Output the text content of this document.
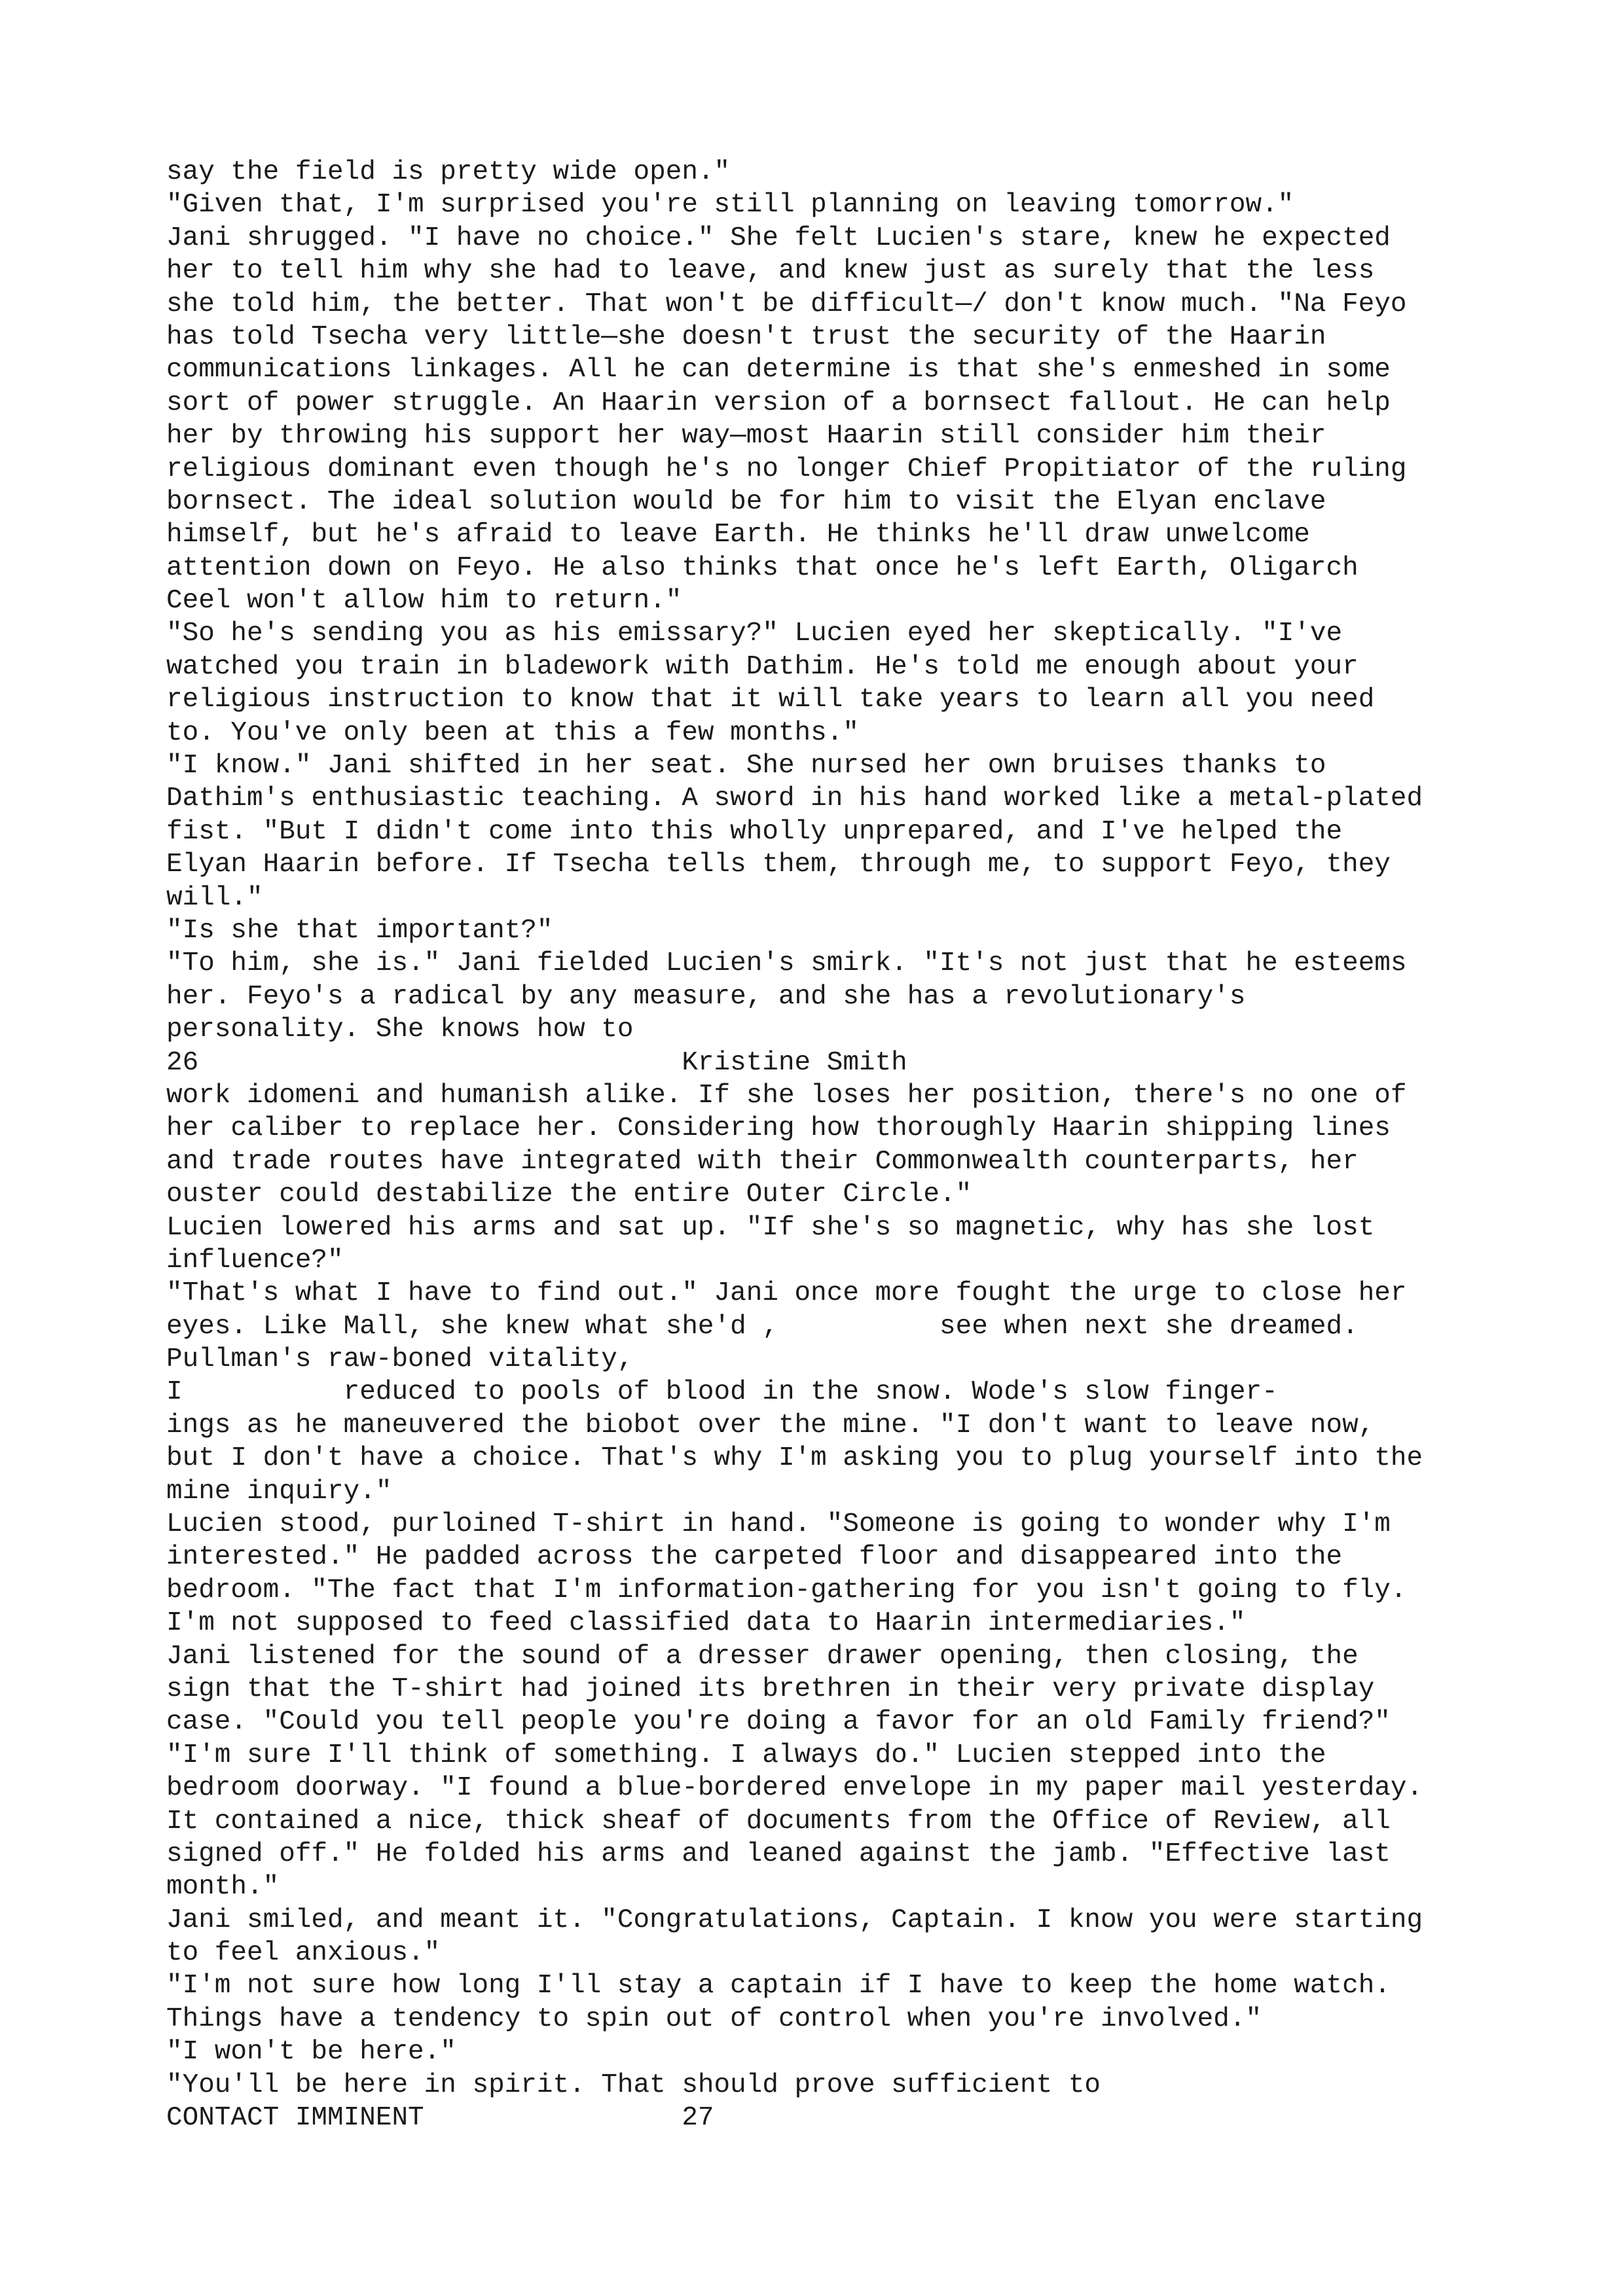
say the field is pretty wide open."
"Given that, I'm surprised you're still planning on leaving tomorrow."
Jani shrugged. "I have no choice." She felt Lucien's stare, knew he expected
her to tell him why she had to leave, and knew just as surely that the less
she told him, the better. That won't be difficult—/ don't know much. "Na Feyo
has told Tsecha very little—she doesn't trust the security of the Haarin
communications linkages. All he can determine is that she's enmeshed in some
sort of power struggle. An Haarin version of a bornsect fallout. He can help
her by throwing his support her way—most Haarin still consider him their
religious dominant even though he's no longer Chief Propitiator of the ruling
bornsect. The ideal solution would be for him to visit the Elyan enclave
himself, but he's afraid to leave Earth. He thinks he'll draw unwelcome
attention down on Feyo. He also thinks that once he's left Earth, Oligarch
Ceel won't allow him to return."
"So he's sending you as his emissary?" Lucien eyed her skeptically. "I've
watched you train in bladework with Dathim. He's told me enough about your
religious instruction to know that it will take years to learn all you need
to. You've only been at this a few months."
"I know." Jani shifted in her seat. She nursed her own bruises thanks to
Dathim's enthusiastic teaching. A sword in his hand worked like a metal-plated
fist. "But I didn't come into this wholly unprepared, and I've helped the
Elyan Haarin before. If Tsecha tells them, through me, to support Feyo, they
will."
"Is she that important?"
"To him, she is." Jani fielded Lucien's smirk. "It's not just that he esteems
her. Feyo's a radical by any measure, and she has a revolutionary's
personality. She knows how to
26                              Kristine Smith
work idomeni and humanish alike. If she loses her position, there's no one of
her caliber to replace her. Considering how thoroughly Haarin shipping lines
and trade routes have integrated with their Commonwealth counterparts, her
ouster could destabilize the entire Outer Circle."
Lucien lowered his arms and sat up. "If she's so magnetic, why has she lost
influence?"
"That's what I have to find out." Jani once more fought the urge to close her
eyes. Like Mall, she knew what she'd ,          see when next she dreamed.
Pullman's raw-boned vitality,
I          reduced to pools of blood in the snow. Wode's slow finger-
ings as he maneuvered the biobot over the mine. "I don't want to leave now,
but I don't have a choice. That's why I'm asking you to plug yourself into the
mine inquiry."
Lucien stood, purloined T-shirt in hand. "Someone is going to wonder why I'm
interested." He padded across the carpeted floor and disappeared into the
bedroom. "The fact that I'm information-gathering for you isn't going to fly.
I'm not supposed to feed classified data to Haarin intermediaries."
Jani listened for the sound of a dresser drawer opening, then closing, the
sign that the T-shirt had joined its brethren in their very private display
case. "Could you tell people you're doing a favor for an old Family friend?"
"I'm sure I'll think of something. I always do." Lucien stepped into the
bedroom doorway. "I found a blue-bordered envelope in my paper mail yesterday.
It contained a nice, thick sheaf of documents from the Office of Review, all
signed off." He folded his arms and leaned against the jamb. "Effective last
month."
Jani smiled, and meant it. "Congratulations, Captain. I know you were starting
to feel anxious."
"I'm not sure how long I'll stay a captain if I have to keep the home watch.
Things have a tendency to spin out of control when you're involved."
"I won't be here."
"You'll be here in spirit. That should prove sufficient to
CONTACT IMMINENT                27
